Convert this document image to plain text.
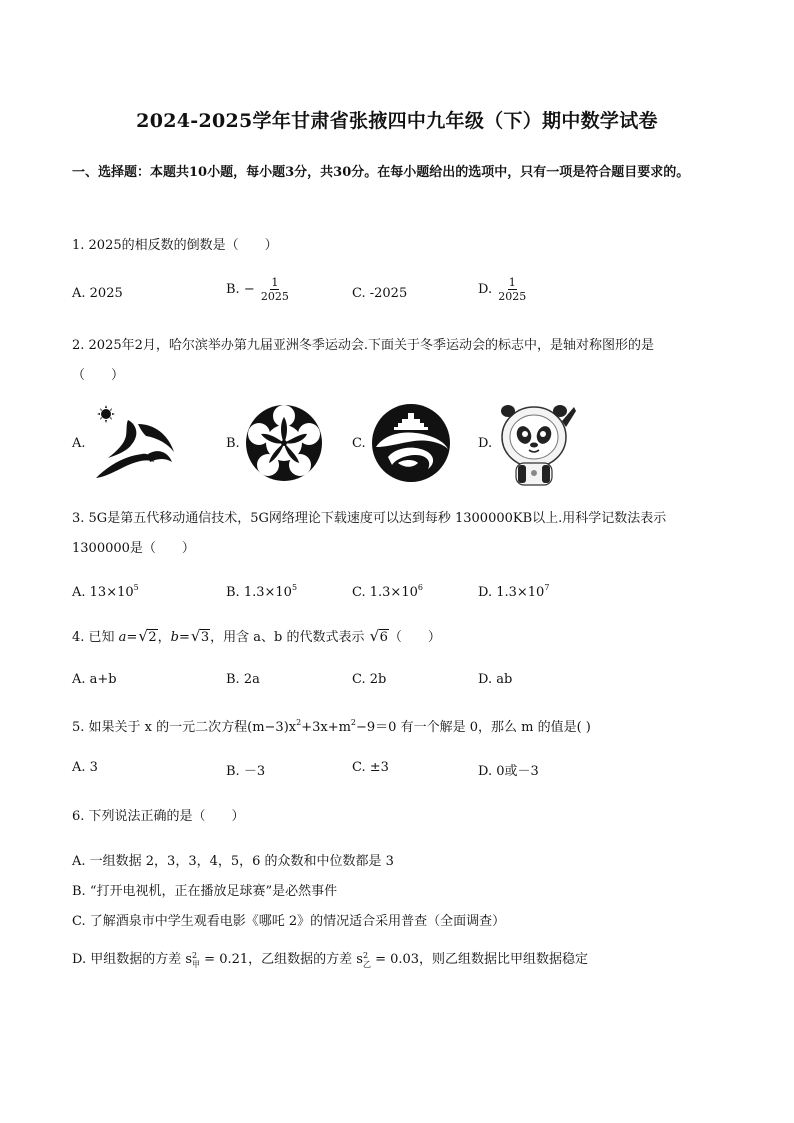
2024-2025学年甘肃省张掖四中九年级（下）期中数学试卷
一、选择题：本题共10小题，每小题3分，共30分。在每小题给出的选项中，只有一项是符合题目要求的。
1. 2025的相反数的倒数是（　　）
A. 2025	B. − $\frac{1}{2025}$	C. -2025	D. $\frac{1}{2025}$
2. 2025年2月，哈尔滨举办第九届亚洲冬季运动会.下面关于冬季运动会的标志中，是轴对称图形的是
（　　）
A.	B.	C.	D.
3. 5G是第五代移动通信技术，5G网络理论下载速度可以达到每秒 1300000KB以上.用科学记数法表示
1300000是（　　）
A. $13\times 10^5$	B. $1.3\times 10^5$	C. $1.3\times 10^6$	D. $1.3\times 10^7$
4. 已知 a= √ 2，b= √ 3，用含 a、b 的代数式表示 √ 6（　　）
A. a+b	B. 2a	C. 2b	D. ab
5. 如果关于 x 的一元二次方程$(m-3)x^2+3x+m^2-9=0$ 有一个解是 0，那么 m 的值是( )
A. 3	B. －3	C. ±3	D. 0或－3
6. 下列说法正确的是（　　）
A. 一组数据 2，3，3，4，5，6 的众数和中位数都是 3
B. “打开电视机，正在播放足球赛”是必然事件
C. 了解酒泉市中学生观看电影《哪吒 2》的情况适合采用普查（全面调查）
D. 甲组数据的方差 s 2
甲 = 0.21，乙组数据的方差 s 2
乙 = 0.03，则乙组数据比甲组数据稳定
